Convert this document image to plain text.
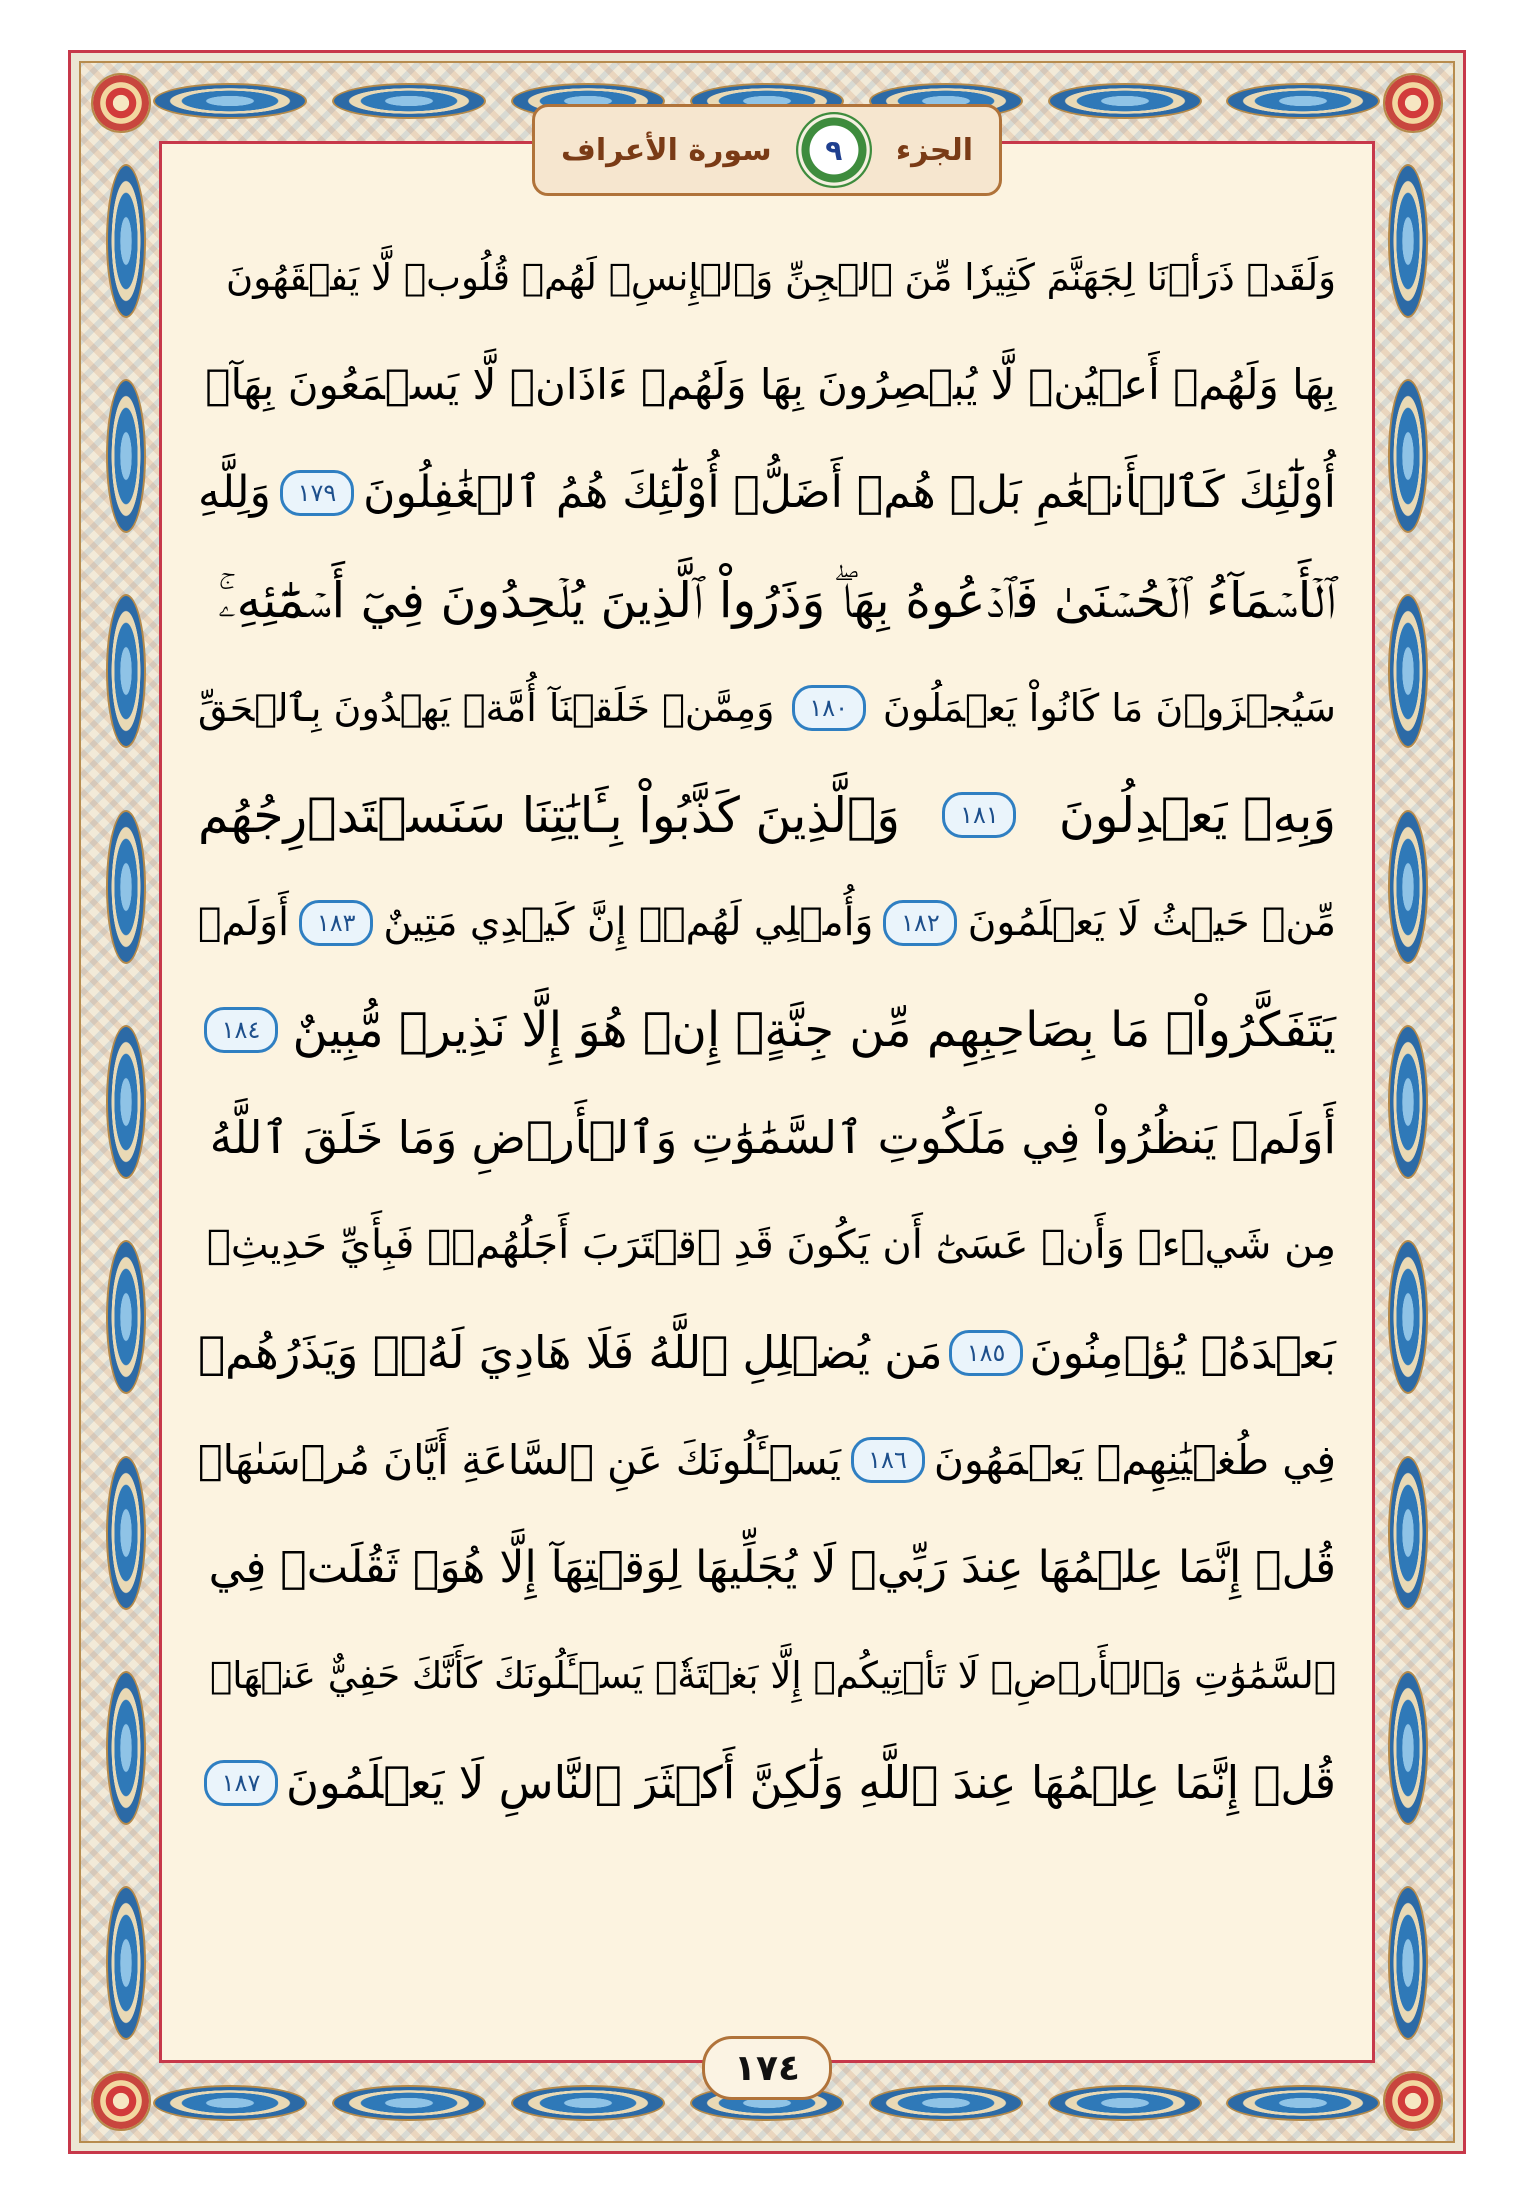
الجزء
٩
سورة الأعراف
وَلَقَدۡ ذَرَأۡنَا لِجَهَنَّمَ كَثِيرٗا مِّنَ ٱلۡجِنِّ وَٱلۡإِنسِۖ لَهُمۡ قُلُوبٞ لَّا يَفۡقَهُونَ
بِهَا وَلَهُمۡ أَعۡيُنٞ لَّا يُبۡصِرُونَ بِهَا وَلَهُمۡ ءَاذَانٞ لَّا يَسۡمَعُونَ بِهَآۚ
أُوْلَٰٓئِكَ كَٱلۡأَنۡعَٰمِ بَلۡ هُمۡ أَضَلُّۚ أُوْلَٰٓئِكَ هُمُ ٱلۡغَٰفِلُونَ
١٧٩
وَلِلَّهِ
ٱلۡأَسۡمَآءُ ٱلۡحُسۡنَىٰ فَٱدۡعُوهُ بِهَاۖ وَذَرُواْ ٱلَّذِينَ يُلۡحِدُونَ فِيٓ أَسۡمَٰٓئِهِۦۚ
سَيُجۡزَوۡنَ مَا كَانُواْ يَعۡمَلُونَ
١٨٠
وَمِمَّنۡ خَلَقۡنَآ أُمَّةٞ يَهۡدُونَ بِٱلۡحَقِّ
وَبِهِۦ يَعۡدِلُونَ
١٨١
وَٱلَّذِينَ كَذَّبُواْ بِـَٔايَٰتِنَا سَنَسۡتَدۡرِجُهُم
مِّنۡ حَيۡثُ لَا يَعۡلَمُونَ
١٨٢
وَأُمۡلِي لَهُمۡۚ إِنَّ كَيۡدِي مَتِينٌ
١٨٣
أَوَلَمۡ
يَتَفَكَّرُواْۗ مَا بِصَاحِبِهِم مِّن جِنَّةٍۚ إِنۡ هُوَ إِلَّا نَذِيرٞ مُّبِينٌ
١٨٤
أَوَلَمۡ يَنظُرُواْ فِي مَلَكُوتِ ٱلسَّمَٰوَٰتِ وَٱلۡأَرۡضِ وَمَا خَلَقَ ٱللَّهُ
مِن شَيۡءٖ وَأَنۡ عَسَىٰٓ أَن يَكُونَ قَدِ ٱقۡتَرَبَ أَجَلُهُمۡۖ فَبِأَيِّ حَدِيثِۭ
بَعۡدَهُۥ يُؤۡمِنُونَ
١٨٥
مَن يُضۡلِلِ ٱللَّهُ فَلَا هَادِيَ لَهُۥۚ وَيَذَرُهُمۡ
فِي طُغۡيَٰنِهِمۡ يَعۡمَهُونَ
١٨٦
يَسۡـَٔلُونَكَ عَنِ ٱلسَّاعَةِ أَيَّانَ مُرۡسَىٰهَاۖ
قُلۡ إِنَّمَا عِلۡمُهَا عِندَ رَبِّيۖ لَا يُجَلِّيهَا لِوَقۡتِهَآ إِلَّا هُوَۚ ثَقُلَتۡ فِي
ٱلسَّمَٰوَٰتِ وَٱلۡأَرۡضِۚ لَا تَأۡتِيكُمۡ إِلَّا بَغۡتَةٗۗ يَسۡـَٔلُونَكَ كَأَنَّكَ حَفِيٌّ عَنۡهَاۖ
قُلۡ إِنَّمَا عِلۡمُهَا عِندَ ٱللَّهِ وَلَٰكِنَّ أَكۡثَرَ ٱلنَّاسِ لَا يَعۡلَمُونَ
١٨٧
١٧٤
